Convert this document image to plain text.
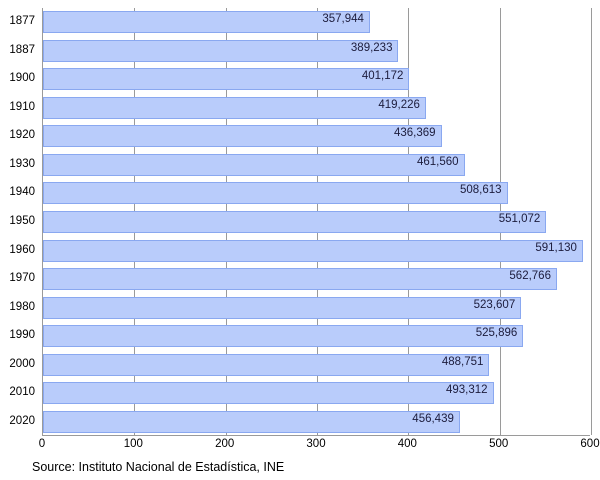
1877
1887
1900
1910
1920
1930
1940
1950
1960
1970
1980
1990
2000
2010
2020
357,944
389,233
401,172
419,226
436,369
461,560
508,613
551,072
591,130
562,766
523,607
525,896
488,751
493,312
456,439
0	100	200	300	400	500	600
Source: Instituto Nacional de Estadística, INE
